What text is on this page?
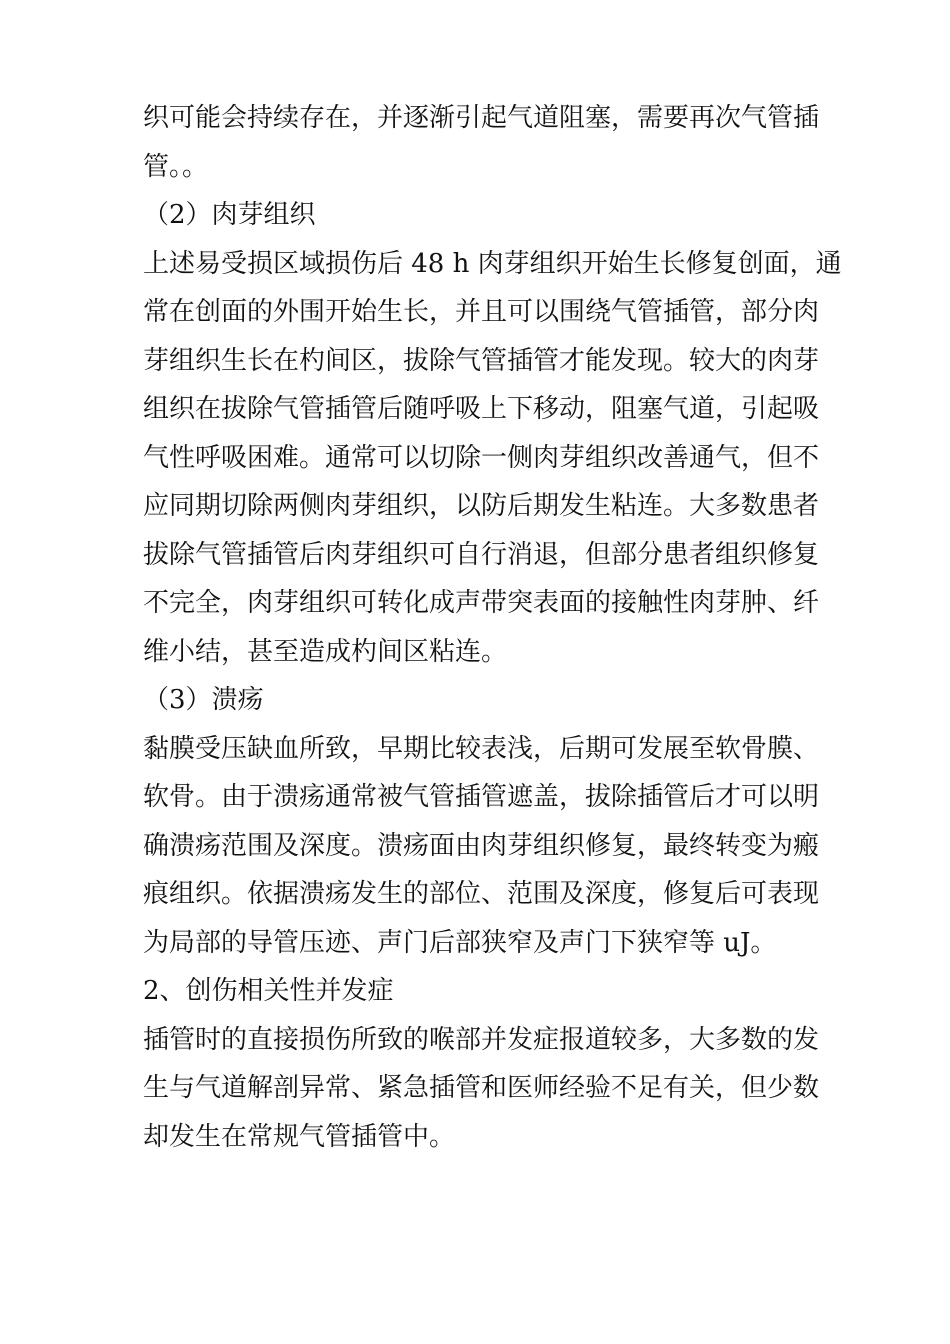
织可能会持续存在，并逐渐引起气道阻塞，需要再次气管插
管。。
（2）肉芽组织
上述易受损区域损伤后 48 h 肉芽组织开始生长修复创面，通
常在创面的外围开始生长，并且可以围绕气管插管，部分肉
芽组织生长在杓间区，拔除气管插管才能发现。较大的肉芽
组织在拔除气管插管后随呼吸上下移动，阻塞气道，引起吸
气性呼吸困难。通常可以切除一侧肉芽组织改善通气，但不
应同期切除两侧肉芽组织，以防后期发生粘连。大多数患者
拔除气管插管后肉芽组织可自行消退，但部分患者组织修复
不完全，肉芽组织可转化成声带突表面的接触性肉芽肿、纤
维小结，甚至造成杓间区粘连。
（3）溃疡
黏膜受压缺血所致，早期比较表浅，后期可发展至软骨膜、
软骨。由于溃疡通常被气管插管遮盖，拔除插管后才可以明
确溃疡范围及深度。溃疡面由肉芽组织修复，最终转变为瘢
痕组织。依据溃疡发生的部位、范围及深度，修复后可表现
为局部的导管压迹、声门后部狭窄及声门下狭窄等 uJ。
2、创伤相关性并发症
插管时的直接损伤所致的喉部并发症报道较多，大多数的发
生与气道解剖异常、紧急插管和医师经验不足有关，但少数
却发生在常规气管插管中。
